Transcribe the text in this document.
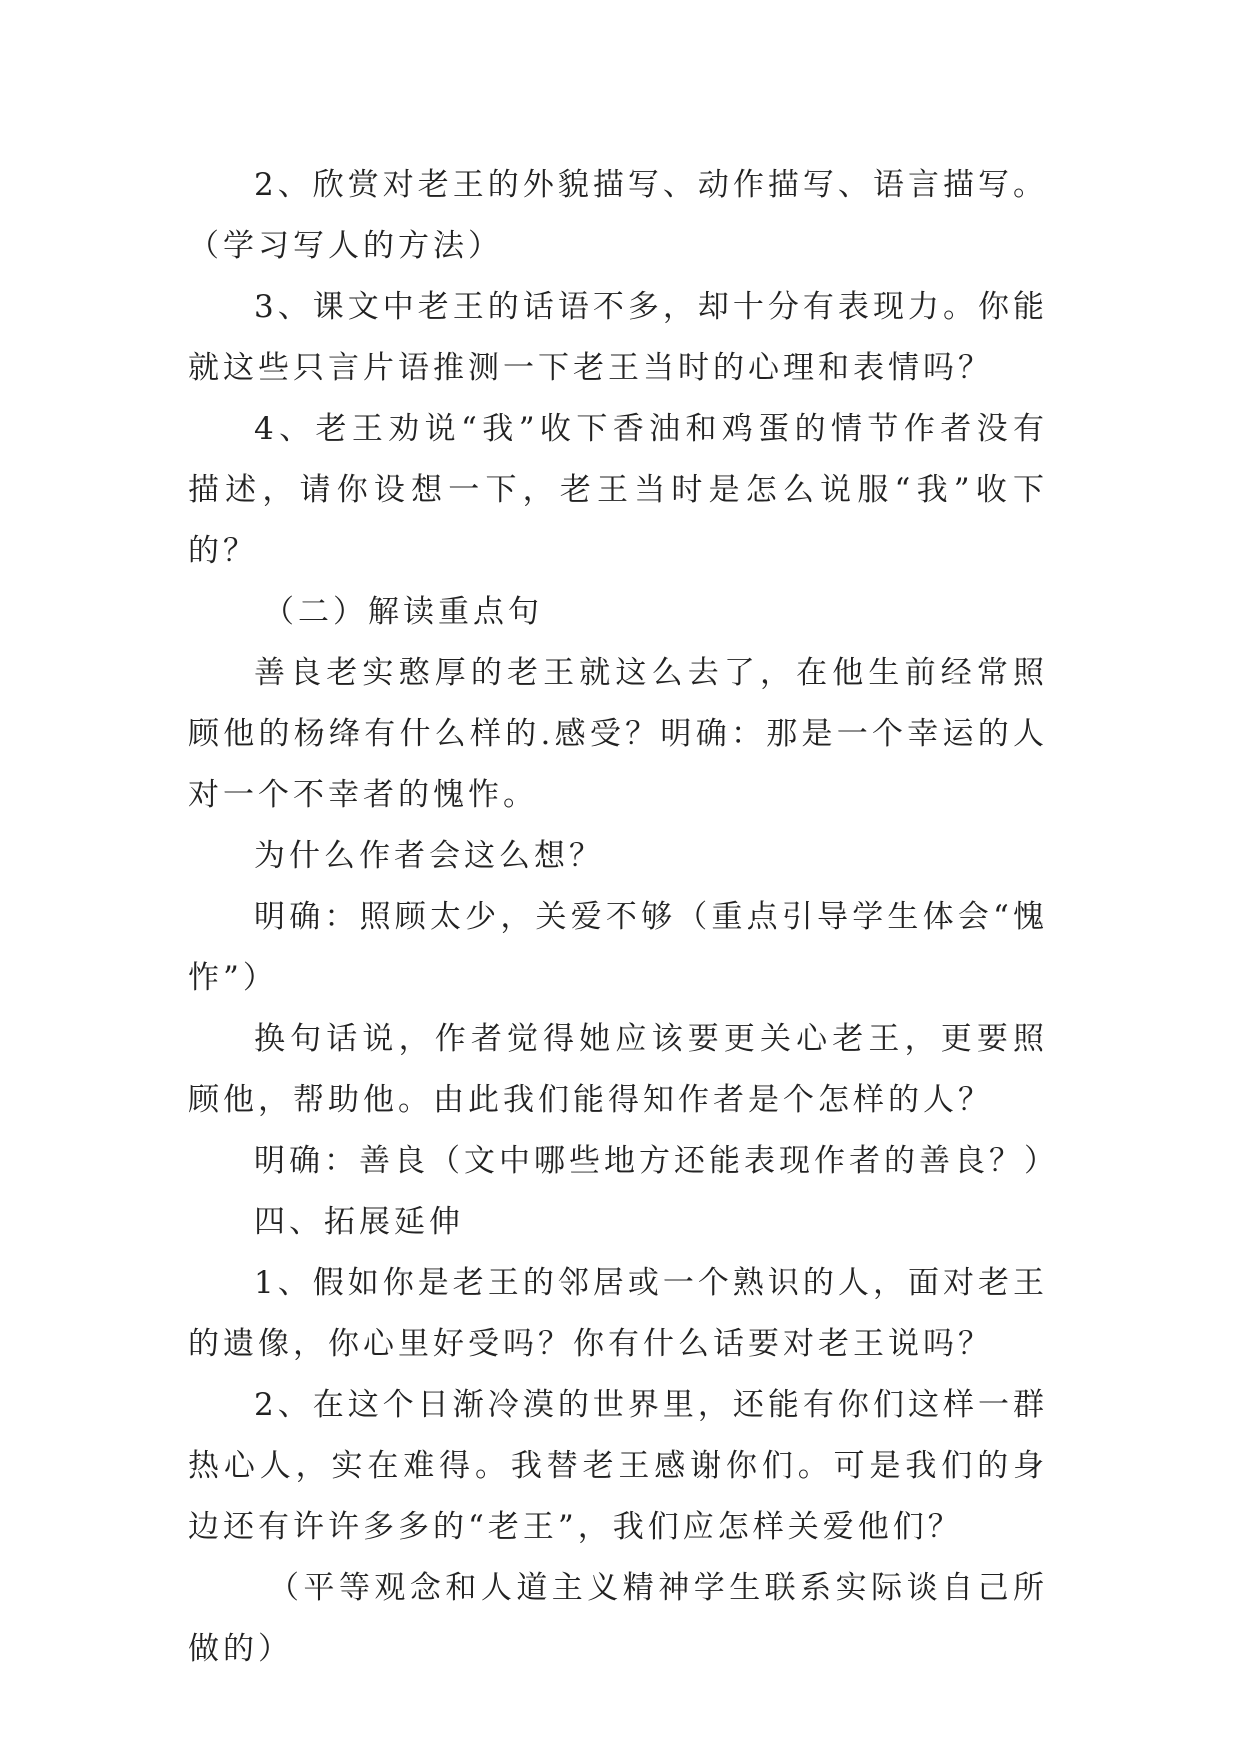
2、欣赏对老王的外貌描写、动作描写、语言描写。（学习写人的方法）

3、课文中老王的话语不多，却十分有表现力。你能就这些只言片语推测一下老王当时的心理和表情吗？

4、老王劝说“我”收下香油和鸡蛋的情节作者没有描述，请你设想一下，老王当时是怎么说服“我”收下的？

（二）解读重点句

善良老实憨厚的老王就这么去了，在他生前经常照顾他的杨绛有什么样的.感受？明确：那是一个幸运的人对一个不幸者的愧怍。

为什么作者会这么想？

明确：照顾太少，关爱不够（重点引导学生体会“愧怍”）

换句话说，作者觉得她应该要更关心老王，更要照顾他，帮助他。由此我们能得知作者是个怎样的人？

明确：善良（文中哪些地方还能表现作者的善良？）

四、拓展延伸

1、假如你是老王的邻居或一个熟识的人，面对老王的遗像，你心里好受吗？你有什么话要对老王说吗？

2、在这个日渐冷漠的世界里，还能有你们这样一群热心人，实在难得。我替老王感谢你们。可是我们的身边还有许许多多的“老王”，我们应怎样关爱他们？

（平等观念和人道主义精神学生联系实际谈自己所做的）
